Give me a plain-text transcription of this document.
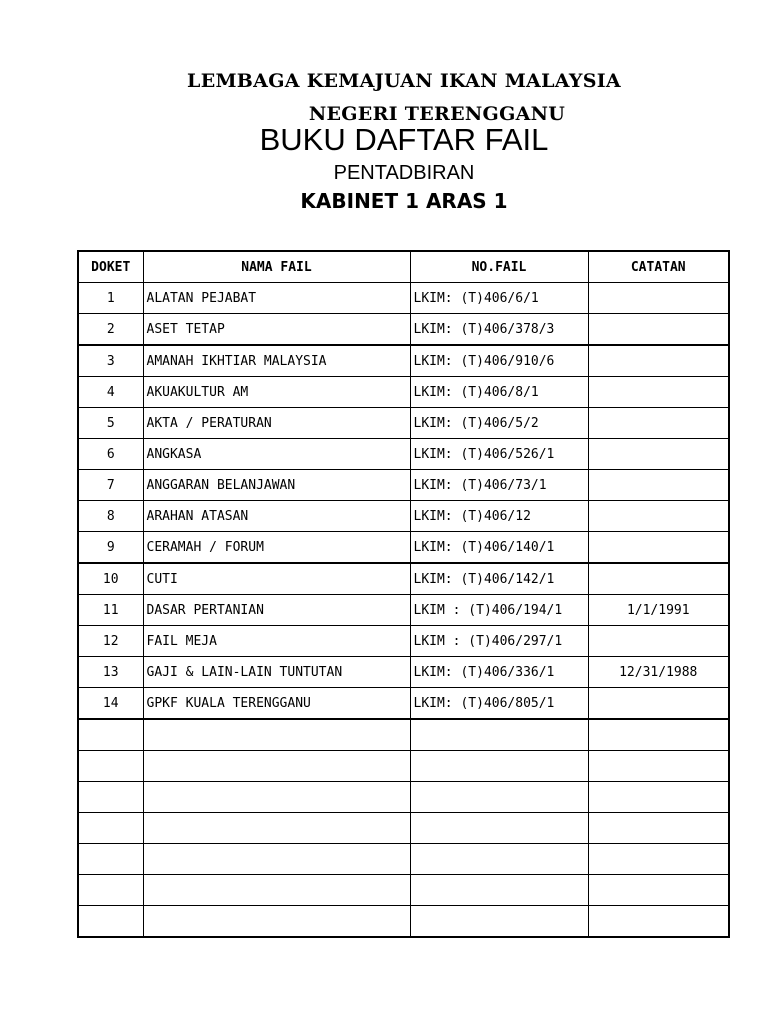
LEMBAGA KEMAJUAN IKAN MALAYSIA
NEGERI TERENGGANU
BUKU DAFTAR FAIL
PENTADBIRAN
KABINET 1 ARAS 1
DOKET	NAMA FAIL	NO.FAIL	CATATAN
1	ALATAN PEJABAT	LKIM: (T)406/6/1	
2	ASET TETAP	LKIM: (T)406/378/3	
3	AMANAH IKHTIAR MALAYSIA	LKIM: (T)406/910/6	
4	AKUAKULTUR AM	LKIM: (T)406/8/1	
5	AKTA / PERATURAN	LKIM: (T)406/5/2	
6	ANGKASA	LKIM: (T)406/526/1	
7	ANGGARAN BELANJAWAN	LKIM: (T)406/73/1	
8	ARAHAN ATASAN	LKIM: (T)406/12	
9	CERAMAH / FORUM	LKIM: (T)406/140/1	
10	CUTI	LKIM: (T)406/142/1	
11	DASAR PERTANIAN	LKIM : (T)406/194/1	1/1/1991
12	FAIL MEJA	LKIM : (T)406/297/1	
13	GAJI & LAIN-LAIN TUNTUTAN	LKIM: (T)406/336/1	12/31/1988
14	GPKF KUALA TERENGGANU	LKIM: (T)406/805/1	
